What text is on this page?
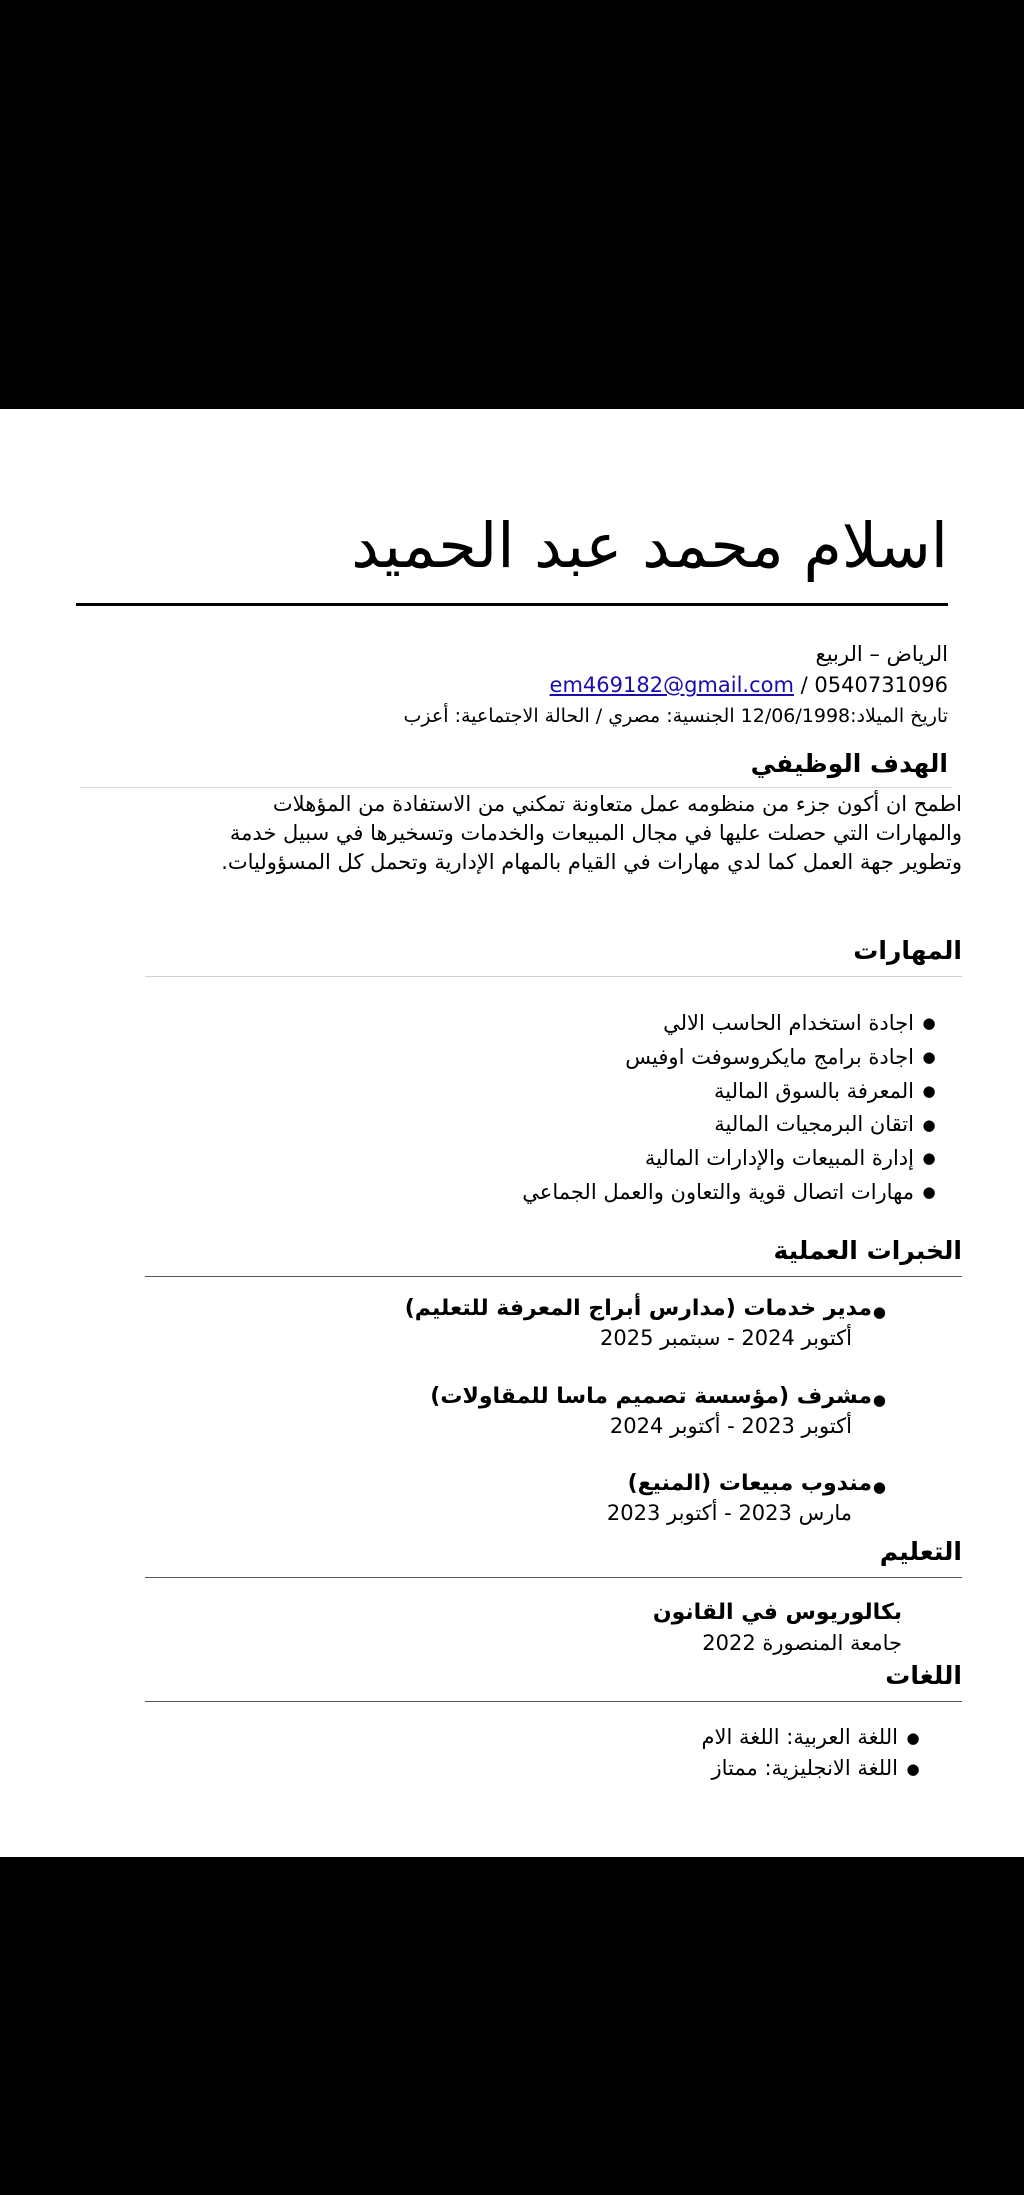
اسلام محمد عبد الحميد
الرياض – الربيع
0540731096 / em469182@gmail.com
تاريخ الميلاد:12/06/1998 الجنسية: مصري / الحالة الاجتماعية: أعزب
الهدف الوظيفي
اطمح ان أكون جزء من منظومه عمل متعاونة تمكني من الاستفادة من المؤهلات والمهارات التي حصلت عليها في مجال المبيعات والخدمات وتسخيرها في سبيل خدمة وتطوير جهة العمل كما لدي مهارات في القيام بالمهام الإدارية وتحمل كل المسؤوليات.
المهارات
●اجادة استخدام الحاسب الالي
●اجادة برامج مايكروسوفت اوفيس
●المعرفة بالسوق المالية
●اتقان البرمجيات المالية
●إدارة المبيعات والإدارات المالية
●مهارات اتصال قوية والتعاون والعمل الجماعي
الخبرات العملية
●
مدير خدمات (مدارس أبراج المعرفة للتعليم)
أكتوبر 2024 - سبتمبر 2025
●
مشرف (مؤسسة تصميم ماسا للمقاولات)
أكتوبر 2023 - أكتوبر 2024
●
مندوب مبيعات (المنيع)
مارس 2023 - أكتوبر 2023
التعليم
بكالوريوس في القانون
جامعة المنصورة 2022
اللغات
●اللغة العربية: اللغة الام
●اللغة الانجليزية: ممتاز
